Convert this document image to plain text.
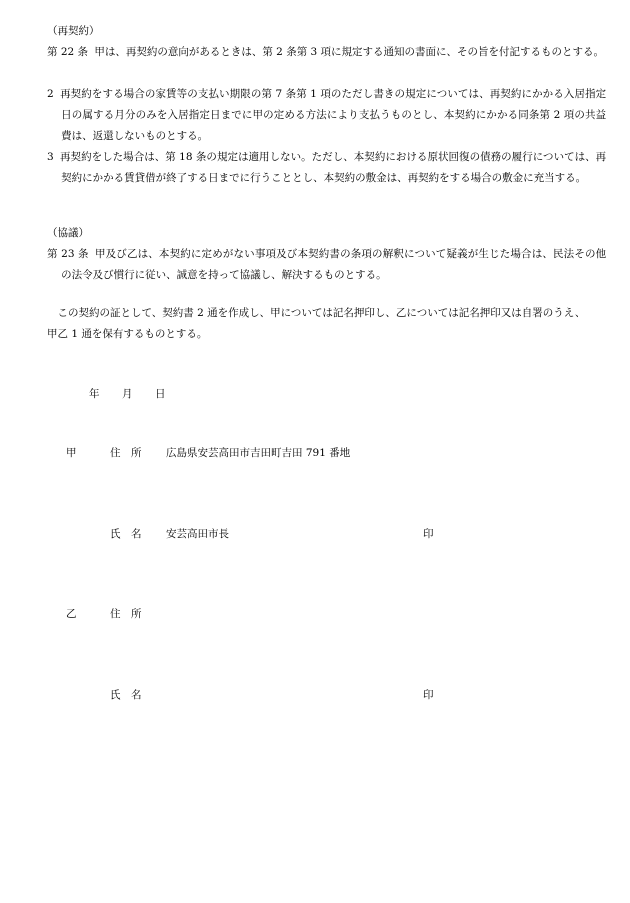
（再契約）
第 22 条 甲は、再契約の意向があるときは、第 2 条第 3 項に規定する通知の書面に、その旨を付記するものとする。
2 再契約をする場合の家賃等の支払い期限の第 7 条第 1 項のただし書きの規定については、再契約にかかる入居指定日の属する月分のみを入居指定日までに甲の定める方法により支払うものとし、本契約にかかる同条第 2 項の共益費は、返還しないものとする。
3 再契約をした場合は、第 18 条の規定は適用しない。ただし、本契約における原状回復の債務の履行については、再契約にかかる賃貸借が終了する日までに行うこととし、本契約の敷金は、再契約をする場合の敷金に充当する。
（協議）
第 23 条 甲及び乙は、本契約に定めがない事項及び本契約書の条項の解釈について疑義が生じた場合は、民法その他の法令及び慣行に従い、誠意を持って協議し、解決するものとする。
この契約の証として、契約書 2 通を作成し、甲については記名押印し、乙については記名押印又は自署のうえ、甲乙 1 通を保有するものとする。
年 月 日
甲	住　所 広島県安芸高田市吉田町吉田 791 番地
氏　名 安芸高田市長	印
乙	住　所
氏　名	印
